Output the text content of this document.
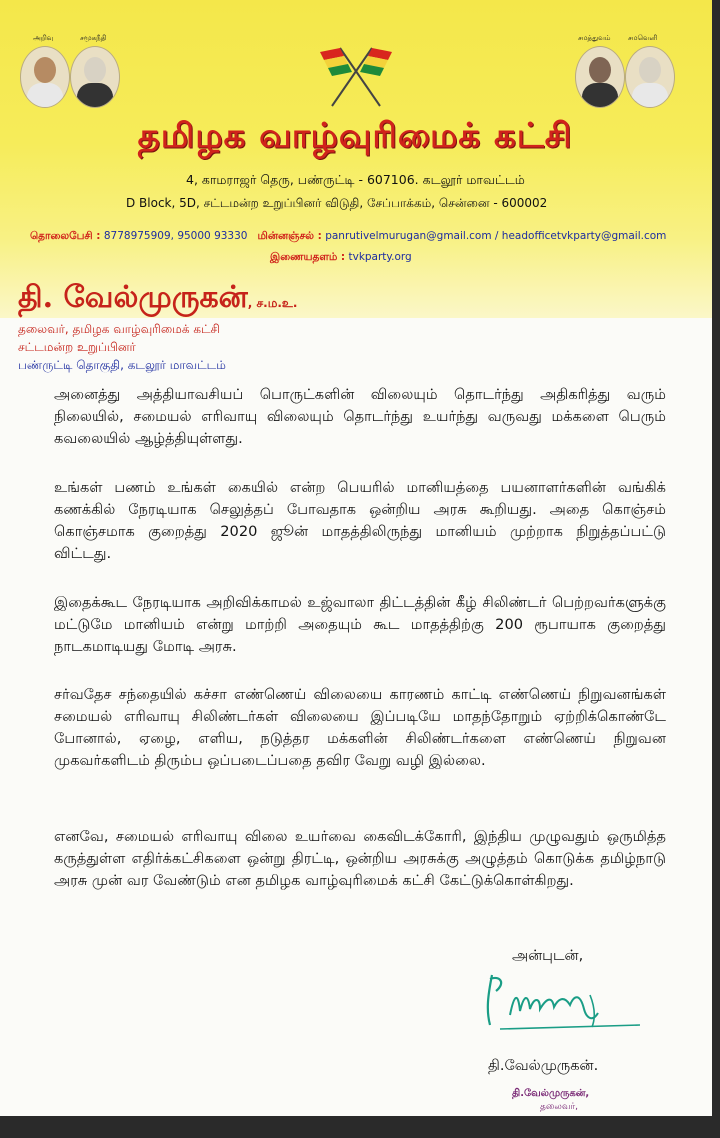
அறிவு	சமூகநீதி	சமத்துவம்	சமவெளி
தமிழக வாழ்வுரிமைக் கட்சி
4, காமராஜர் தெரு, பண்ருட்டி - 607106. கடலூர் மாவட்டம்
D Block, 5D, சட்டமன்ற உறுப்பினர் விடுதி, சேப்பாக்கம், சென்னை - 600002
தொலைபேசி : 8778975909, 95000 93330 மின்னஞ்சல் : panrutivelmurugan@gmail.com / headofficetvkparty@gmail.com
இணையதளம் : tvkparty.org
தி. வேல்முருகன், ச.ம.உ.
தலைவர், தமிழக வாழ்வுரிமைக் கட்சி
சட்டமன்ற உறுப்பினர்
பண்ருட்டி தொகுதி, கடலூர் மாவட்டம்
அனைத்து அத்தியாவசியப் பொருட்களின் விலையும் தொடர்ந்து அதிகரித்து வரும் நிலையில், சமையல் எரிவாயு விலையும் தொடர்ந்து உயர்ந்து வருவது மக்களை பெரும் கவலையில் ஆழ்த்தியுள்ளது.
உங்கள் பணம் உங்கள் கையில் என்ற பெயரில் மானியத்தை பயனாளர்களின் வங்கிக் கணக்கில் நேரடியாக செலுத்தப் போவதாக ஒன்றிய அரசு கூறியது. அதை கொஞ்சம் கொஞ்சமாக குறைத்து 2020 ஜூன் மாதத்திலிருந்து மானியம் முற்றாக நிறுத்தப்பட்டு விட்டது.
இதைக்கூட நேரடியாக அறிவிக்காமல் உஜ்வாலா திட்டத்தின் கீழ் சிலிண்டர் பெற்றவர்களுக்கு மட்டுமே மானியம் என்று மாற்றி அதையும் கூட மாதத்திற்கு 200 ரூபாயாக குறைத்து நாடகமாடியது மோடி அரசு.
சர்வதேச சந்தையில் கச்சா எண்ணெய் விலையை காரணம் காட்டி எண்ணெய் நிறுவனங்கள் சமையல் எரிவாயு சிலிண்டர்கள் விலையை இப்படியே மாதந்தோறும் ஏற்றிக்கொண்டே போனால், ஏழை, எளிய, நடுத்தர மக்களின் சிலிண்டர்களை எண்ணெய் நிறுவன முகவர்களிடம் திரும்ப ஒப்படைப்பதை தவிர வேறு வழி இல்லை.
எனவே, சமையல் எரிவாயு விலை உயர்வை கைவிடக்கோரி, இந்திய முழுவதும் ஒருமித்த கருத்துள்ள எதிர்க்கட்சிகளை ஒன்று திரட்டி, ஒன்றிய அரசுக்கு அழுத்தம் கொடுக்க தமிழ்நாடு அரசு முன் வர வேண்டும் என தமிழக வாழ்வுரிமைக் கட்சி கேட்டுக்கொள்கிறது.
அன்புடன்,
தி.வேல்முருகன்.
தி.வேல்முருகன்,
தலைவர்,
